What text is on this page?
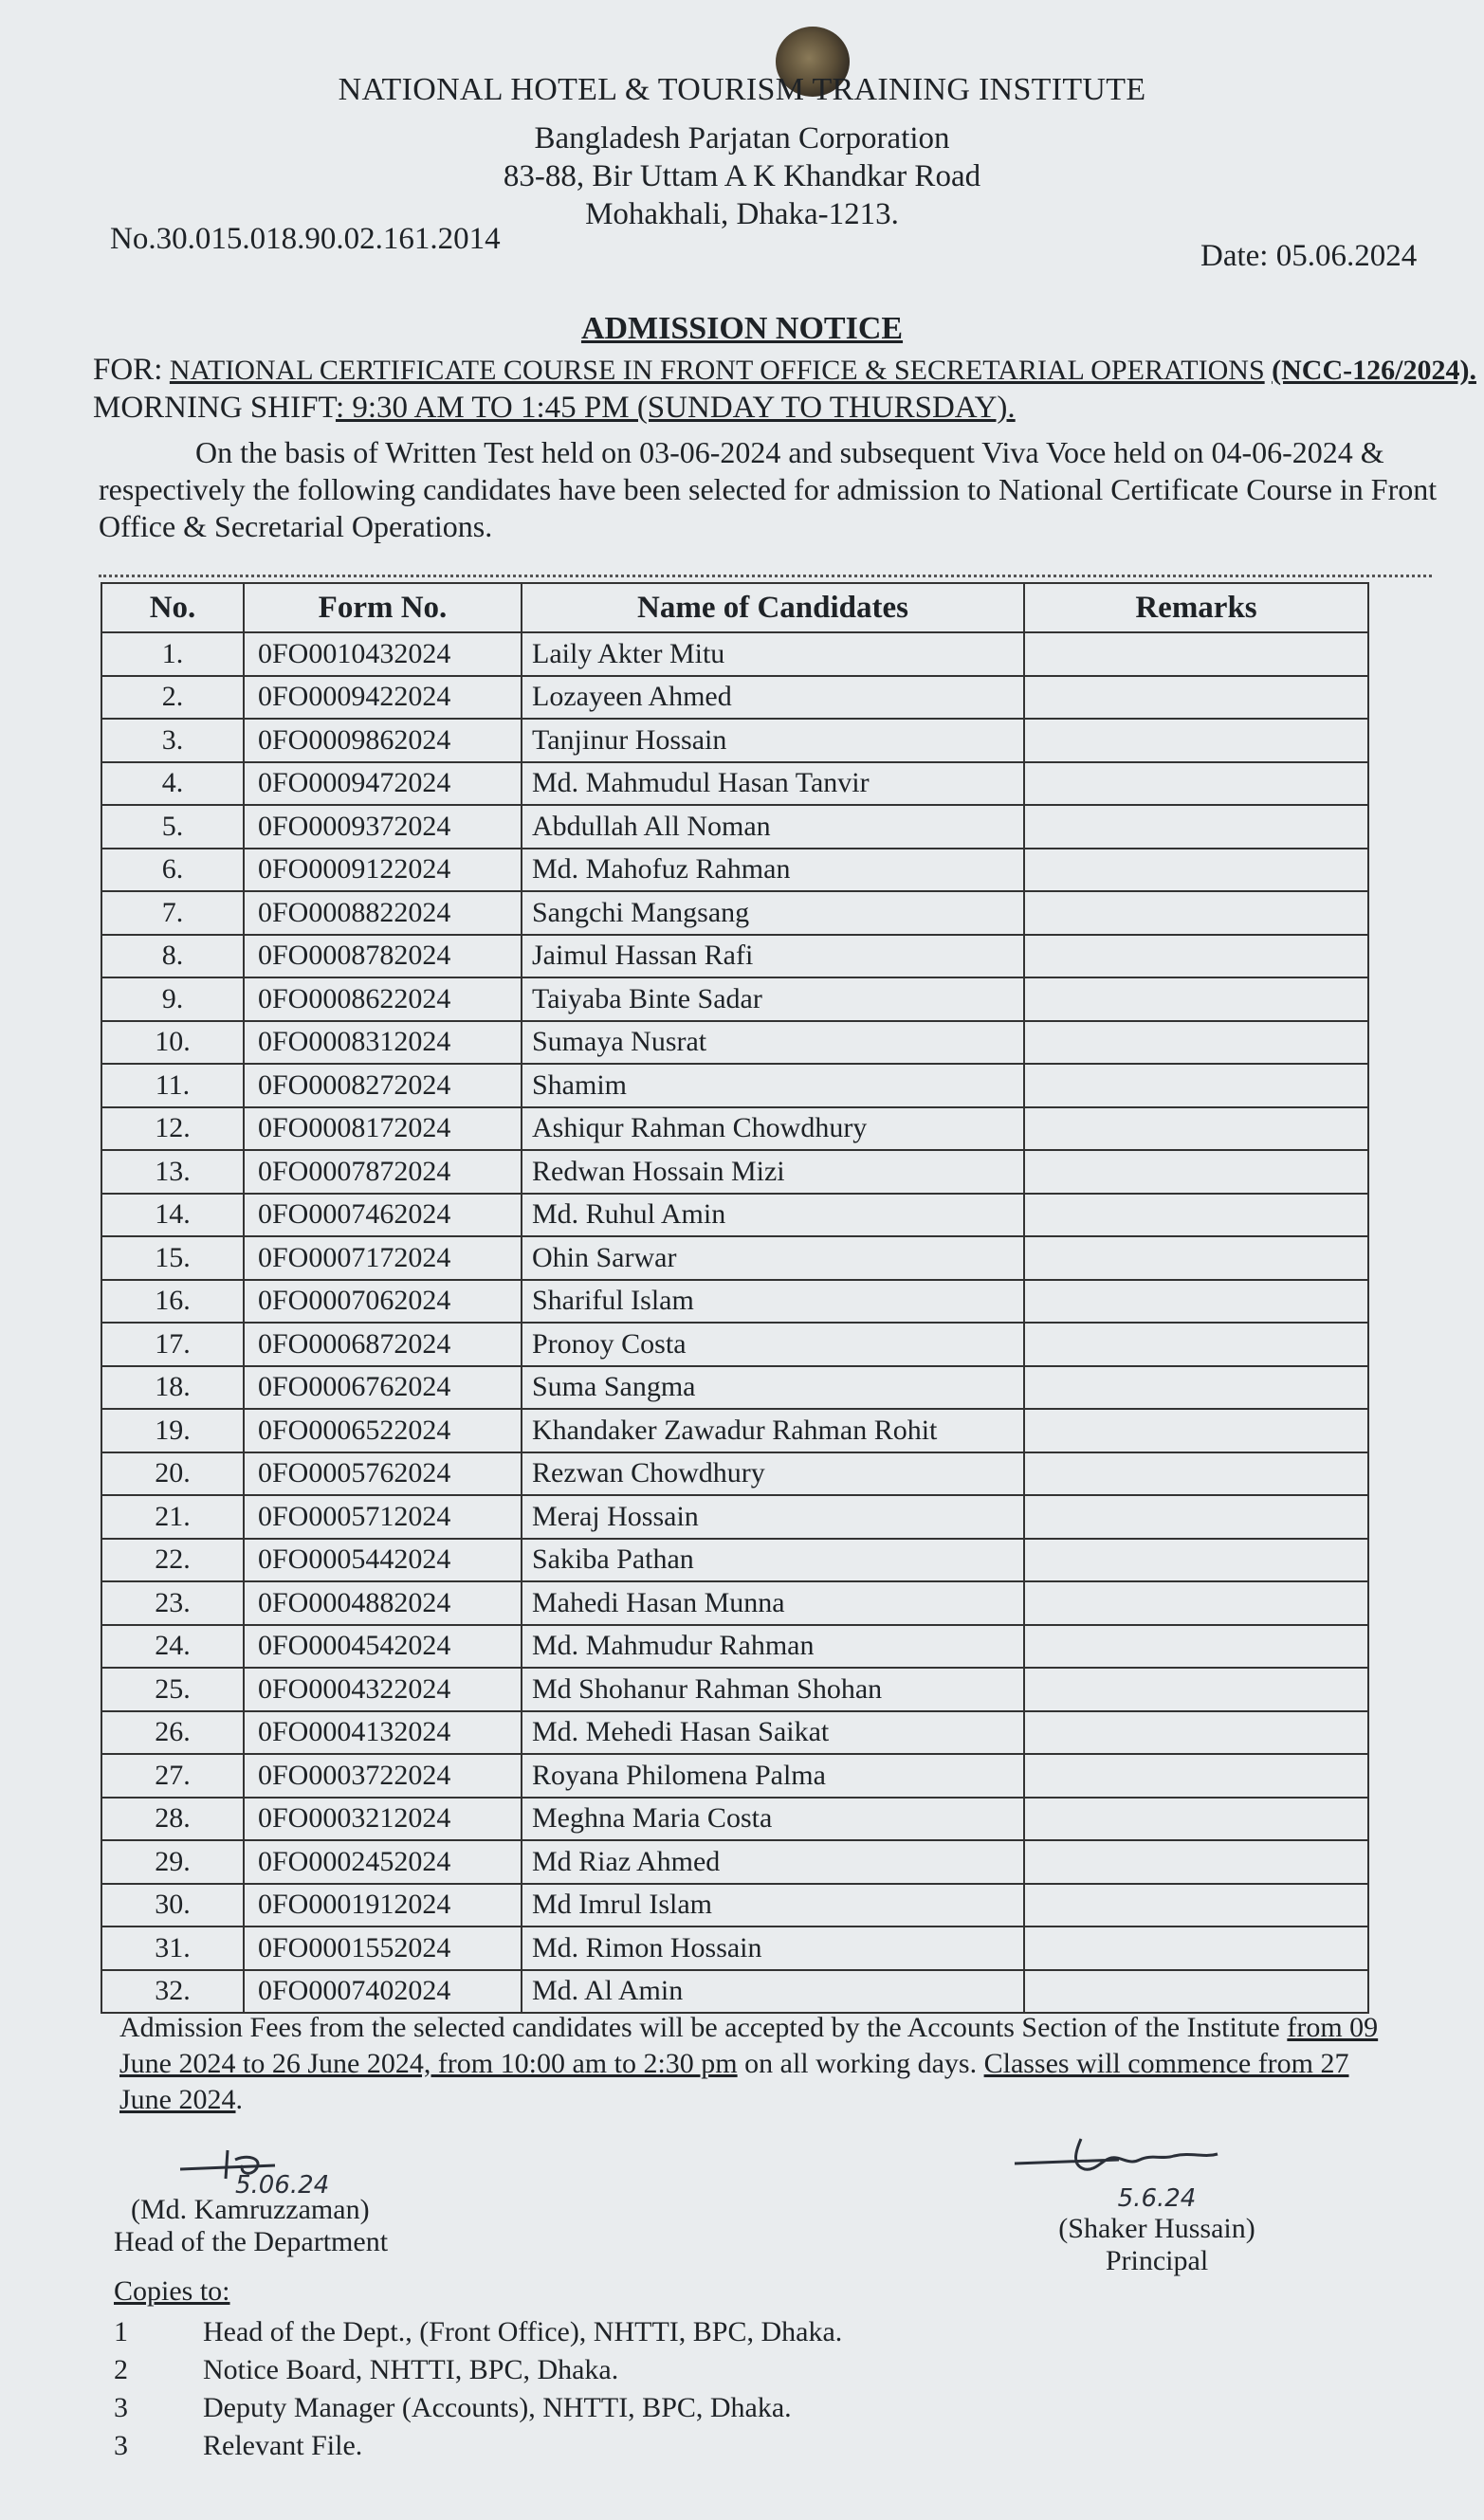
NATIONAL HOTEL & TOURISM TRAINING INSTITUTE
Bangladesh Parjatan Corporation
83-88, Bir Uttam A K Khandkar Road
Mohakhali, Dhaka-1213.
No.30.015.018.90.02.161.2014	Date: 05.06.2024
ADMISSION NOTICE
FOR: NATIONAL CERTIFICATE COURSE IN FRONT OFFICE & SECRETARIAL OPERATIONS (NCC-126/2024).
MORNING SHIFT: 9:30 AM TO 1:45 PM (SUNDAY TO THURSDAY).

On the basis of Written Test held on 03-06-2024 and subsequent Viva Voce held on 04-06-2024 & respectively the following candidates have been selected for admission to National Certificate Course in Front Office & Secretarial Operations.

No.	Form No.	Name of Candidates	Remarks
1.	0FO0010432024	Laily Akter Mitu	
2.	0FO0009422024	Lozayeen Ahmed	
3.	0FO0009862024	Tanjinur Hossain	
4.	0FO0009472024	Md. Mahmudul Hasan Tanvir	
5.	0FO0009372024	Abdullah All Noman	
6.	0FO0009122024	Md. Mahofuz Rahman	
7.	0FO0008822024	Sangchi Mangsang	
8.	0FO0008782024	Jaimul Hassan Rafi	
9.	0FO0008622024	Taiyaba Binte Sadar	
10.	0FO0008312024	Sumaya Nusrat	
11.	0FO0008272024	Shamim	
12.	0FO0008172024	Ashiqur Rahman Chowdhury	
13.	0FO0007872024	Redwan Hossain Mizi	
14.	0FO0007462024	Md. Ruhul Amin	
15.	0FO0007172024	Ohin Sarwar	
16.	0FO0007062024	Shariful Islam	
17.	0FO0006872024	Pronoy Costa	
18.	0FO0006762024	Suma Sangma	
19.	0FO0006522024	Khandaker Zawadur Rahman Rohit	
20.	0FO0005762024	Rezwan Chowdhury	
21.	0FO0005712024	Meraj Hossain	
22.	0FO0005442024	Sakiba Pathan	
23.	0FO0004882024	Mahedi Hasan Munna	
24.	0FO0004542024	Md. Mahmudur Rahman	
25.	0FO0004322024	Md Shohanur Rahman Shohan	
26.	0FO0004132024	Md. Mehedi Hasan Saikat	
27.	0FO0003722024	Royana Philomena Palma	
28.	0FO0003212024	Meghna Maria Costa	
29.	0FO0002452024	Md Riaz Ahmed	
30.	0FO0001912024	Md Imrul Islam	
31.	0FO0001552024	Md. Rimon Hossain	
32.	0FO0007402024	Md. Al Amin	

Admission Fees from the selected candidates will be accepted by the Accounts Section of the Institute from 09 June 2024 to 26 June 2024, from 10:00 am to 2:30 pm on all working days. Classes will commence from 27 June 2024.

5.06.24
(Md. Kamruzzaman)
Head of the Department
5.6.24
(Shaker Hussain)
Principal
Copies to:
1	Head of the Dept., (Front Office), NHTTI, BPC, Dhaka.
2	Notice Board, NHTTI, BPC, Dhaka.
3	Deputy Manager (Accounts), NHTTI, BPC, Dhaka.
3	Relevant File.
